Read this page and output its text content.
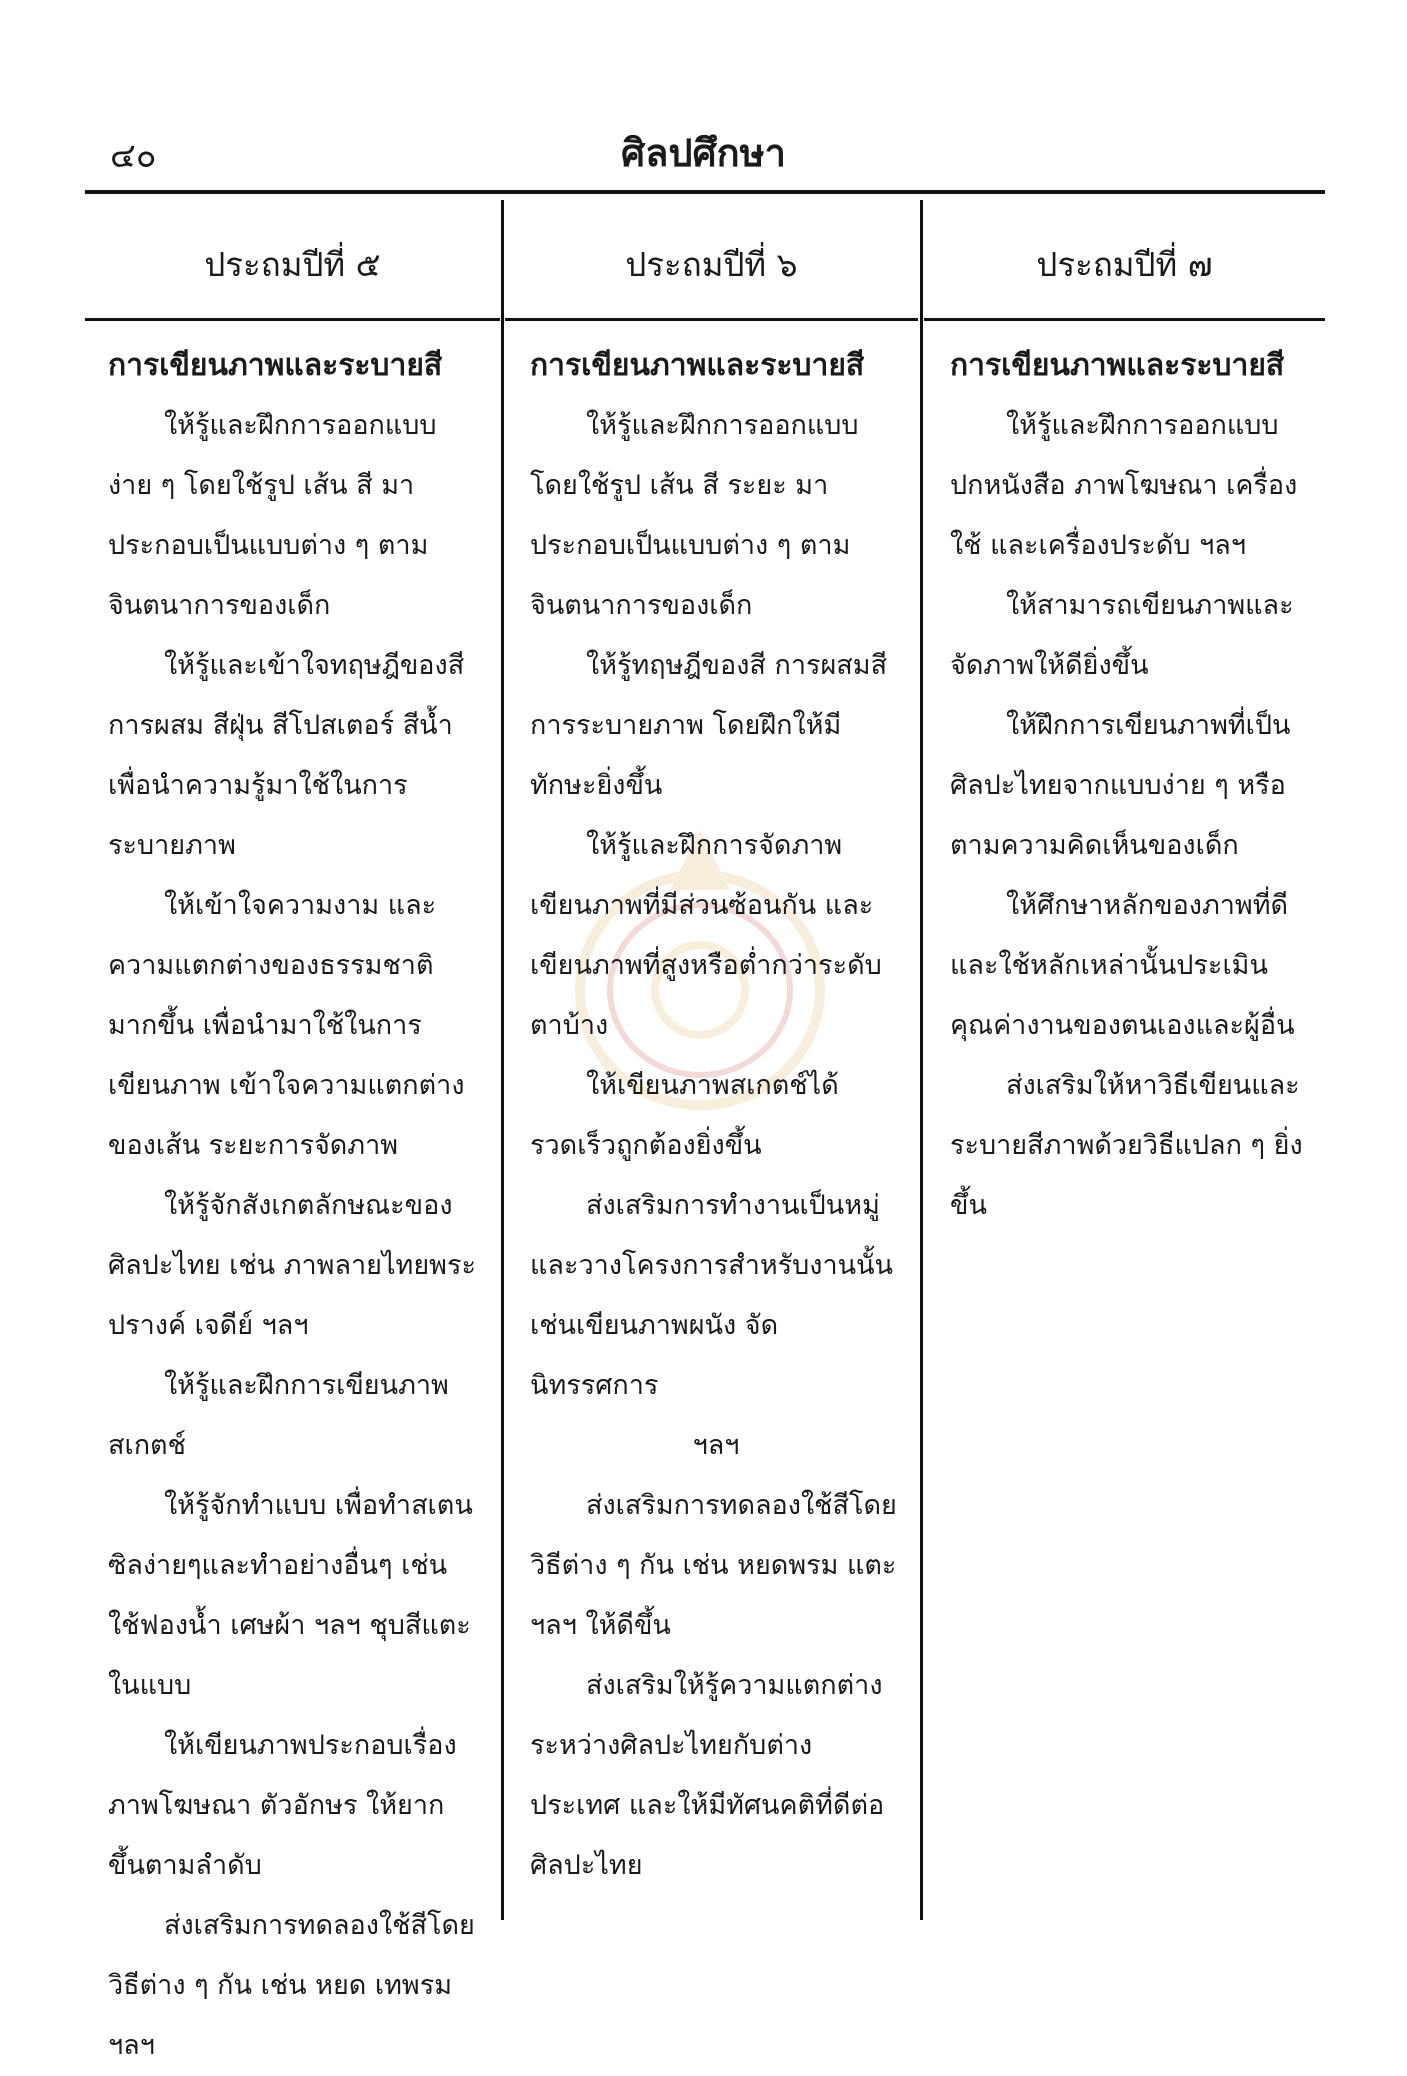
๔๐	ศิลปศึกษา
ประถมปีที่ ๕	ประถมปีที่ ๖	ประถมปีที่ ๗
การเขียนภาพและระบายสี

ให้รู้และฝึกการออกแบบง่าย ๆ โดยใช้รูป เส้น สี มาประกอบเป็นแบบต่าง ๆ ตามจินตนาการของเด็ก

ให้รู้และเข้าใจทฤษฎีของสีการผสม สีฝุ่น สีโปสเตอร์ สีน้ำ เพื่อนำความรู้มาใช้ในการระบายภาพ

ให้เข้าใจความงาม และความแตกต่างของธรรมชาติมากขึ้น เพื่อนำมาใช้ในการเขียนภาพ เข้าใจความแตกต่างของเส้น ระยะการจัดภาพ

ให้รู้จักสังเกตลักษณะของศิลปะไทย เช่น ภาพลายไทยพระปรางค์ เจดีย์ ฯลฯ

ให้รู้และฝึกการเขียนภาพสเกตช์

ให้รู้จักทำแบบ เพื่อทำสเตนซิลง่ายๆและทำอย่างอื่นๆ เช่น ใช้ฟองน้ำ เศษผ้า ฯลฯ ชุบสีแตะในแบบ

ให้เขียนภาพประกอบเรื่องภาพโฆษณา ตัวอักษร ให้ยากขึ้นตามลำดับ

ส่งเสริมการทดลองใช้สีโดยวิธีต่าง ๆ กัน เช่น หยด เทพรม ฯลฯ

การเขียนภาพและระบายสี

ให้รู้และฝึกการออกแบบโดยใช้รูป เส้น สี ระยะ มาประกอบเป็นแบบต่าง ๆ ตามจินตนาการของเด็ก

ให้รู้ทฤษฎีของสี การผสมสี การระบายภาพ โดยฝึกให้มีทักษะยิ่งขึ้น

ให้รู้และฝึกการจัดภาพเขียนภาพที่มีส่วนซ้อนกัน และเขียนภาพที่สูงหรือต่ำกว่าระดับตาบ้าง

ให้เขียนภาพสเกตช์ได้รวดเร็วถูกต้องยิ่งขึ้น

ส่งเสริมการทำงานเป็นหมู่และวางโครงการสำหรับงานนั้นเช่นเขียนภาพผนัง จัดนิทรรศการ

ฯลฯ

ส่งเสริมการทดลองใช้สีโดยวิธีต่าง ๆ กัน เช่น หยดพรม แตะ ฯลฯ ให้ดีขึ้น

ส่งเสริมให้รู้ความแตกต่างระหว่างศิลปะไทยกับต่างประเทศ และให้มีทัศนคติที่ดีต่อศิลปะไทย

การเขียนภาพและระบายสี

ให้รู้และฝึกการออกแบบปกหนังสือ ภาพโฆษณา เครื่องใช้ และเครื่องประดับ ฯลฯ

ให้สามารถเขียนภาพและจัดภาพให้ดียิ่งขึ้น

ให้ฝึกการเขียนภาพที่เป็นศิลปะไทยจากแบบง่าย ๆ หรือตามความคิดเห็นของเด็ก

ให้ศึกษาหลักของภาพที่ดีและใช้หลักเหล่านั้นประเมินคุณค่างานของตนเองและผู้อื่น

ส่งเสริมให้หาวิธีเขียนและระบายสีภาพด้วยวิธีแปลก ๆ ยิ่งขึ้น
